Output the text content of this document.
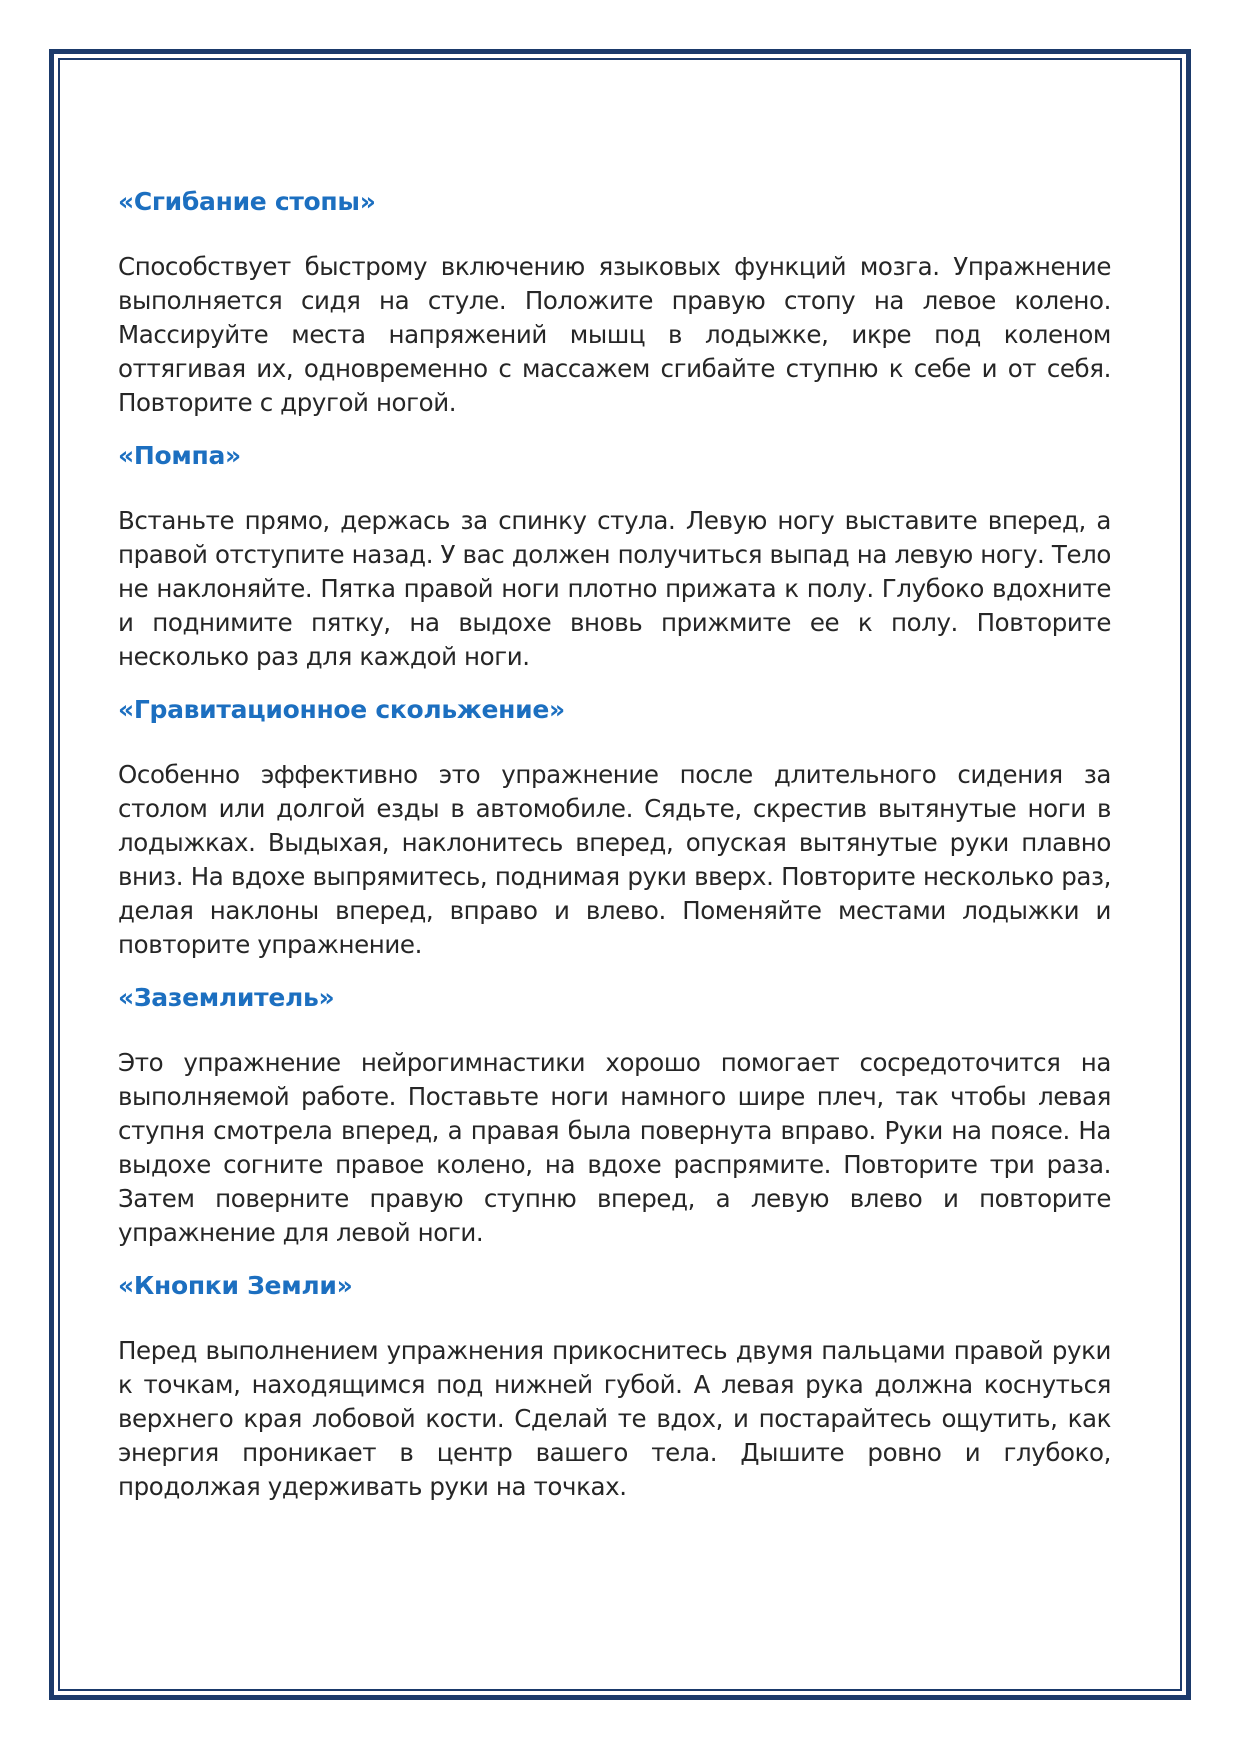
«Сгибание стопы»

Способствует быстрому включению языковых функций мозга. Упражнение выполняется сидя на стуле. Положите правую стопу на левое колено. Массируйте места напряжений мышц в лодыжке, икре под коленом оттягивая их, одновременно с массажем сгибайте ступню к себе и от себя. Повторите с другой ногой.

«Помпа»

Встаньте прямо, держась за спинку стула. Левую ногу выставите вперед, а правой отступите назад. У вас должен получиться выпад на левую ногу. Тело не наклоняйте. Пятка правой ноги плотно прижата к полу. Глубоко вдохните и поднимите пятку, на выдохе вновь прижмите ее к полу. Повторите несколько раз для каждой ноги.

«Гравитационное скольжение»

Особенно эффективно это упражнение после длительного сидения за столом или долгой езды в автомобиле. Сядьте, скрестив вытянутые ноги в лодыжках. Выдыхая, наклонитесь вперед, опуская вытянутые руки плавно вниз. На вдохе выпрямитесь, поднимая руки вверх. Повторите несколько раз, делая наклоны вперед, вправо и влево. Поменяйте местами лодыжки и повторите упражнение.

«Заземлитель»

Это упражнение нейрогимнастики хорошо помогает сосредоточится на выполняемой работе. Поставьте ноги намного шире плеч, так чтобы левая ступня смотрела вперед, а правая была повернута вправо. Руки на поясе. На выдохе согните правое колено, на вдохе распрямите. Повторите три раза. Затем поверните правую ступню вперед, а левую влево и повторите упражнение для левой ноги.

«Кнопки Земли»

Перед выполнением упражнения прикоснитесь двумя пальцами правой руки к точкам, находящимся под нижней губой. А левая рука должна коснуться верхнего края лобовой кости. Сделай те вдох, и постарайтесь ощутить, как энергия проникает в центр вашего тела. Дышите ровно и глубоко, продолжая удерживать руки на точках.
